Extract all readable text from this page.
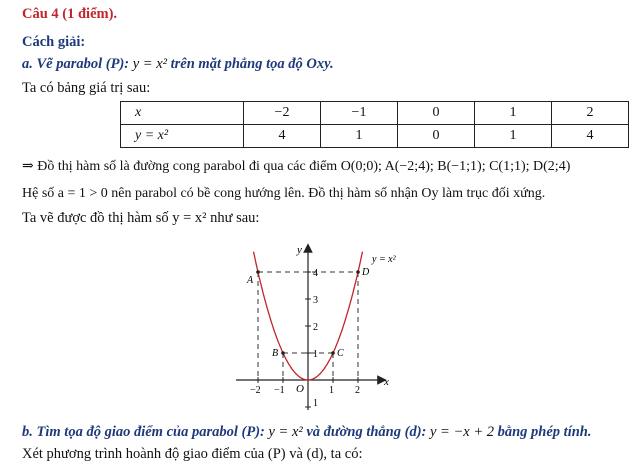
Câu 4 (1 điểm).
Cách giải:
a. Vẽ parabol (P): y = x² trên mặt phẳng tọa độ Oxy.
Ta có bảng giá trị sau:
x	−2	−1	0	1	2
y = x²	4	1	0	1	4
⇒ Đồ thị hàm số là đường cong parabol đi qua các điểm O(0;0); A(−2;4); B(−1;1); C(1;1); D(2;4)
Hệ số a = 1 > 0 nên parabol có bề cong hướng lên. Đồ thị hàm số nhận Oy làm trục đối xứng.
Ta vẽ được đồ thị hàm số y = x² như sau:
y = x²
x
y
O
A
B	C
D
−2 −1	1 2
4
3
2
1
1
b. Tìm tọa độ giao điểm của parabol (P): y = x² và đường thẳng (d): y = −x + 2 bằng phép tính.
Xét phương trình hoành độ giao điểm của (P) và (d), ta có:
